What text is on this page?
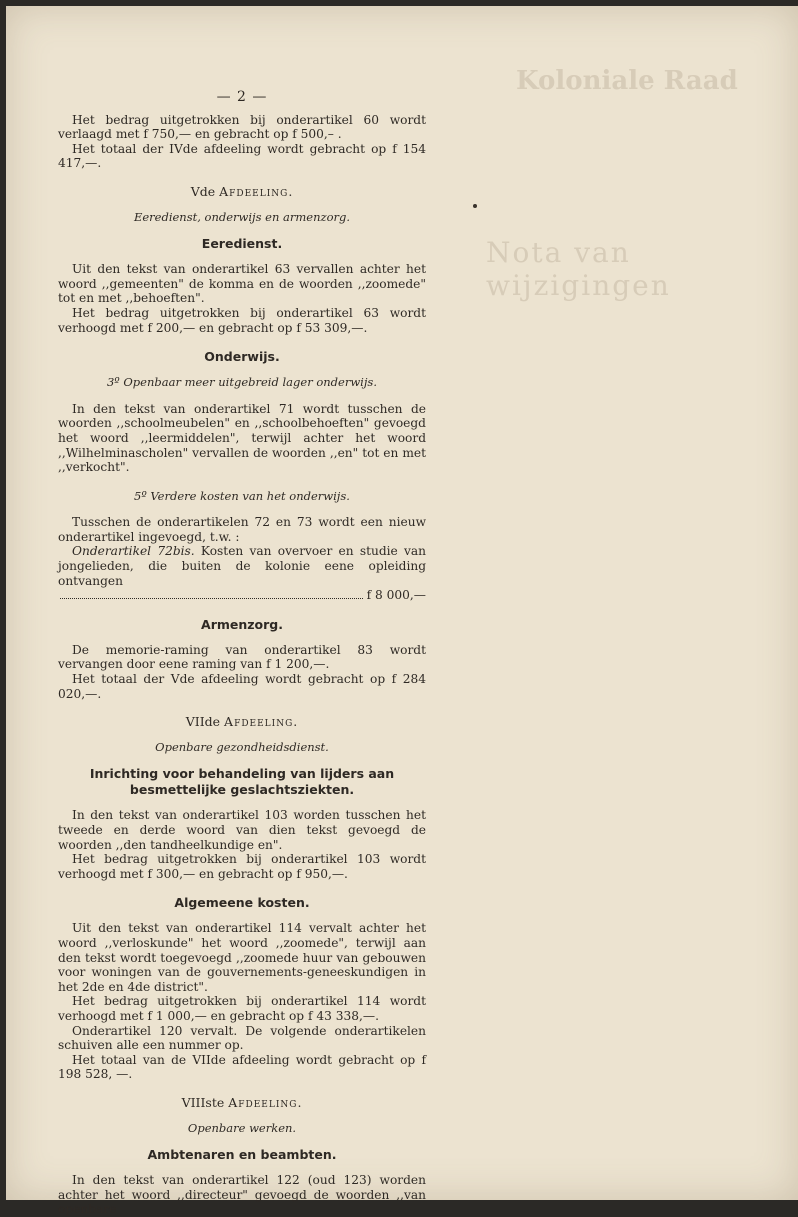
Koloniale Raad
Nota van wijzigingen
— 2 —

Het bedrag uitgetrokken bij onderartikel 60 wordt verlaagd met f 750,— en gebracht op f 500,– .

Het totaal der IVde afdeeling wordt gebracht op f 154 417,—.

Vde Afdeeling.
Eeredienst, onderwijs en armenzorg.
Eeredienst.

Uit den tekst van onderartikel 63 vervallen achter het woord ,,gemeenten" de komma en de woorden ,,zoomede" tot en met ,,behoeften".

Het bedrag uitgetrokken bij onderartikel 63 wordt verhoogd met f 200,— en gebracht op f 53 309,—.

Onderwijs.
3º Openbaar meer uitgebreid lager onderwijs.

In den tekst van onderartikel 71 wordt tusschen de woorden ,,schoolmeubelen" en ,,schoolbehoeften" gevoegd het woord ,,leermiddelen", terwijl achter het woord ,,Wilhelminascholen" vervallen de woorden ,,en" tot en met ,,verkocht".

5º Verdere kosten van het onderwijs.

Tusschen de onderartikelen 72 en 73 wordt een nieuw onderartikel ingevoegd, t.w. :

Onderartikel 72bis. Kosten van overvoer en studie van jongelieden, die buiten de kolonie eene opleiding ontvangen
f 8 000,—
Armenzorg.

De memorie-raming van onderartikel 83 wordt vervangen door eene raming van f 1 200,—.

Het totaal der Vde afdeeling wordt gebracht op f 284 020,—.

VIIde Afdeeling.
Openbare gezondheidsdienst.
Inrichting voor behandeling van lijders aan besmettelijke geslachtsziekten.

In den tekst van onderartikel 103 worden tusschen het tweede en derde woord van dien tekst gevoegd de woorden ,,den tandheelkundige en".

Het bedrag uitgetrokken bij onderartikel 103 wordt verhoogd met f 300,— en gebracht op f 950,—.

Algemeene kosten.

Uit den tekst van onderartikel 114 vervalt achter het woord ,,verloskunde" het woord ,,zoomede", terwijl aan den tekst wordt toegevoegd ,,zoomede huur van gebouwen voor woningen van de gouvernements-geneeskundigen in het 2de en 4de district".

Het bedrag uitgetrokken bij onderartikel 114 wordt verhoogd met f 1 000,— en gebracht op f 43 338,—.

Onderartikel 120 vervalt. De volgende onderartikelen schuiven alle een nummer op.

Het totaal van de VIIde afdeeling wordt gebracht op f 198 528, —.

VIIIste Afdeeling.
Openbare werken.
Ambtenaren en beambten.

In den tekst van onderartikel 122 (oud 123) worden achter het woord ,,directeur" gevoegd de woorden ,,van openbare
